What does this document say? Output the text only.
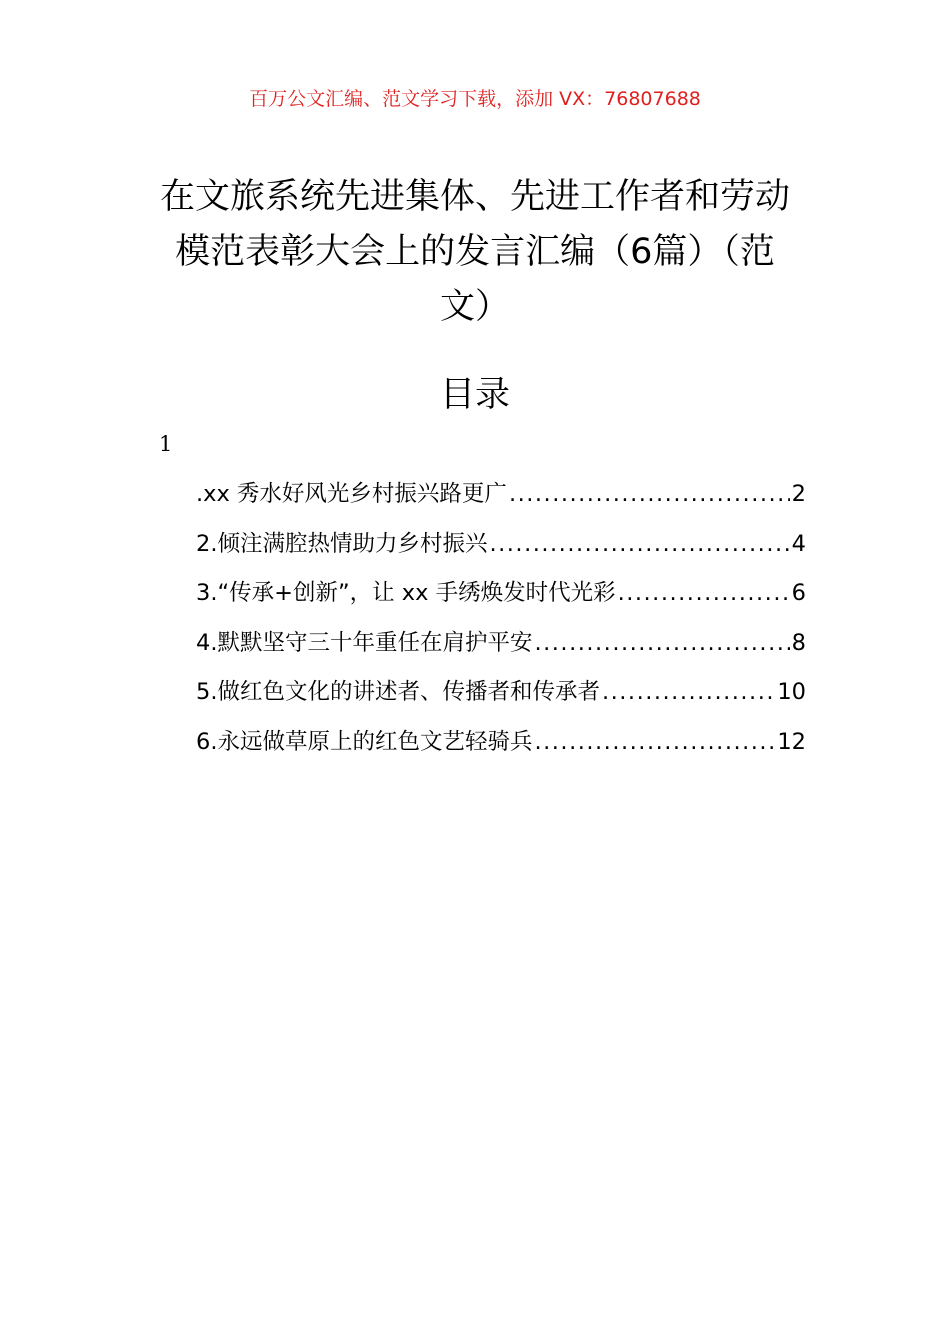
百万公文汇编、范文学习下载，添加 VX：76807688
在文旅系统先进集体、先进工作者和劳动
模范表彰大会上的发言汇编（6篇）（范
文）
目录
1
.xx 秀水好风光乡村振兴路更广 .....	2
2.倾注满腔热情助力乡村振兴 .....	4
3.“传承+创新”，让 xx 手绣焕发时代光彩 .....	6
4.默默坚守三十年重任在肩护平安 .....	8
5.做红色文化的讲述者、传播者和传承者 .....	10
6.永远做草原上的红色文艺轻骑兵 .....	12
